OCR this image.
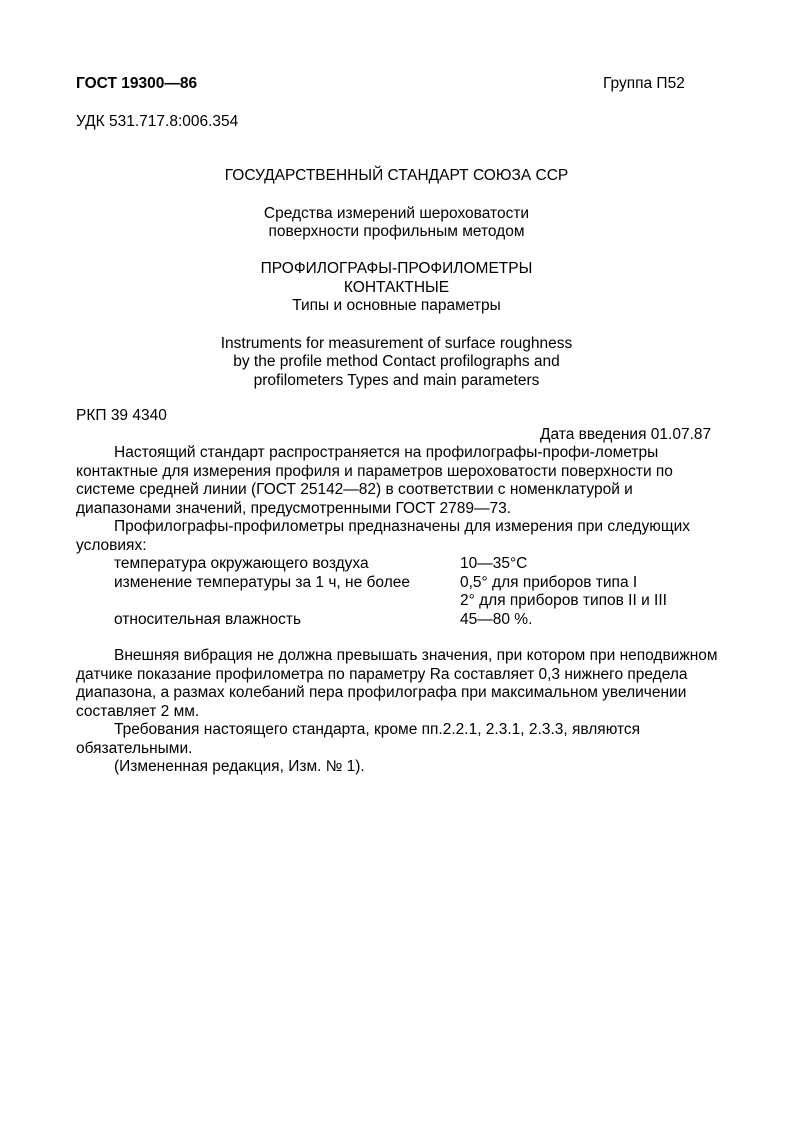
ГОСТ 19300—86	Группа П52
УДК 531.717.8:006.354
ГОСУДАРСТВЕННЫЙ СТАНДАРТ СОЮЗА ССР
Средства измерений шероховатости
поверхности профильным методом
ПРОФИЛОГРАФЫ-ПРОФИЛОМЕТРЫ
КОНТАКТНЫЕ
Типы и основные параметры
Instruments for measurement of surface roughness
by the profile method Contact profilographs and
profilometers Types and main parameters
РКП 39 4340
Дата введения 01.07.87

Настоящий стандарт распространяется на профилографы-профи-лометры контактные для измерения профиля и параметров шероховатости поверхности по системе средней линии (ГОСТ 25142—82) в соответствии с номенклатурой и диапазонами значений, предусмотренными ГОСТ 2789—73.

Профилографы-профилометры предназначены для измерения при следующих условиях:

температура окружающего воздуха	10—35°С
изменение температуры за 1 ч, не более	0,5° для приборов типа I
2° для приборов типов II и III
относительная влажность	45—80 %.

Внешняя вибрация не должна превышать значения, при котором при неподвижном датчике показание профилометра по параметру Ra составляет 0,3 нижнего предела диапазона, а размах колебаний пера профилографа при максимальном увеличении составляет 2 мм.

Требования настоящего стандарта, кроме пп.2.2.1, 2.3.1, 2.3.3, являются обязательными.

(Измененная редакция, Изм. № 1).
